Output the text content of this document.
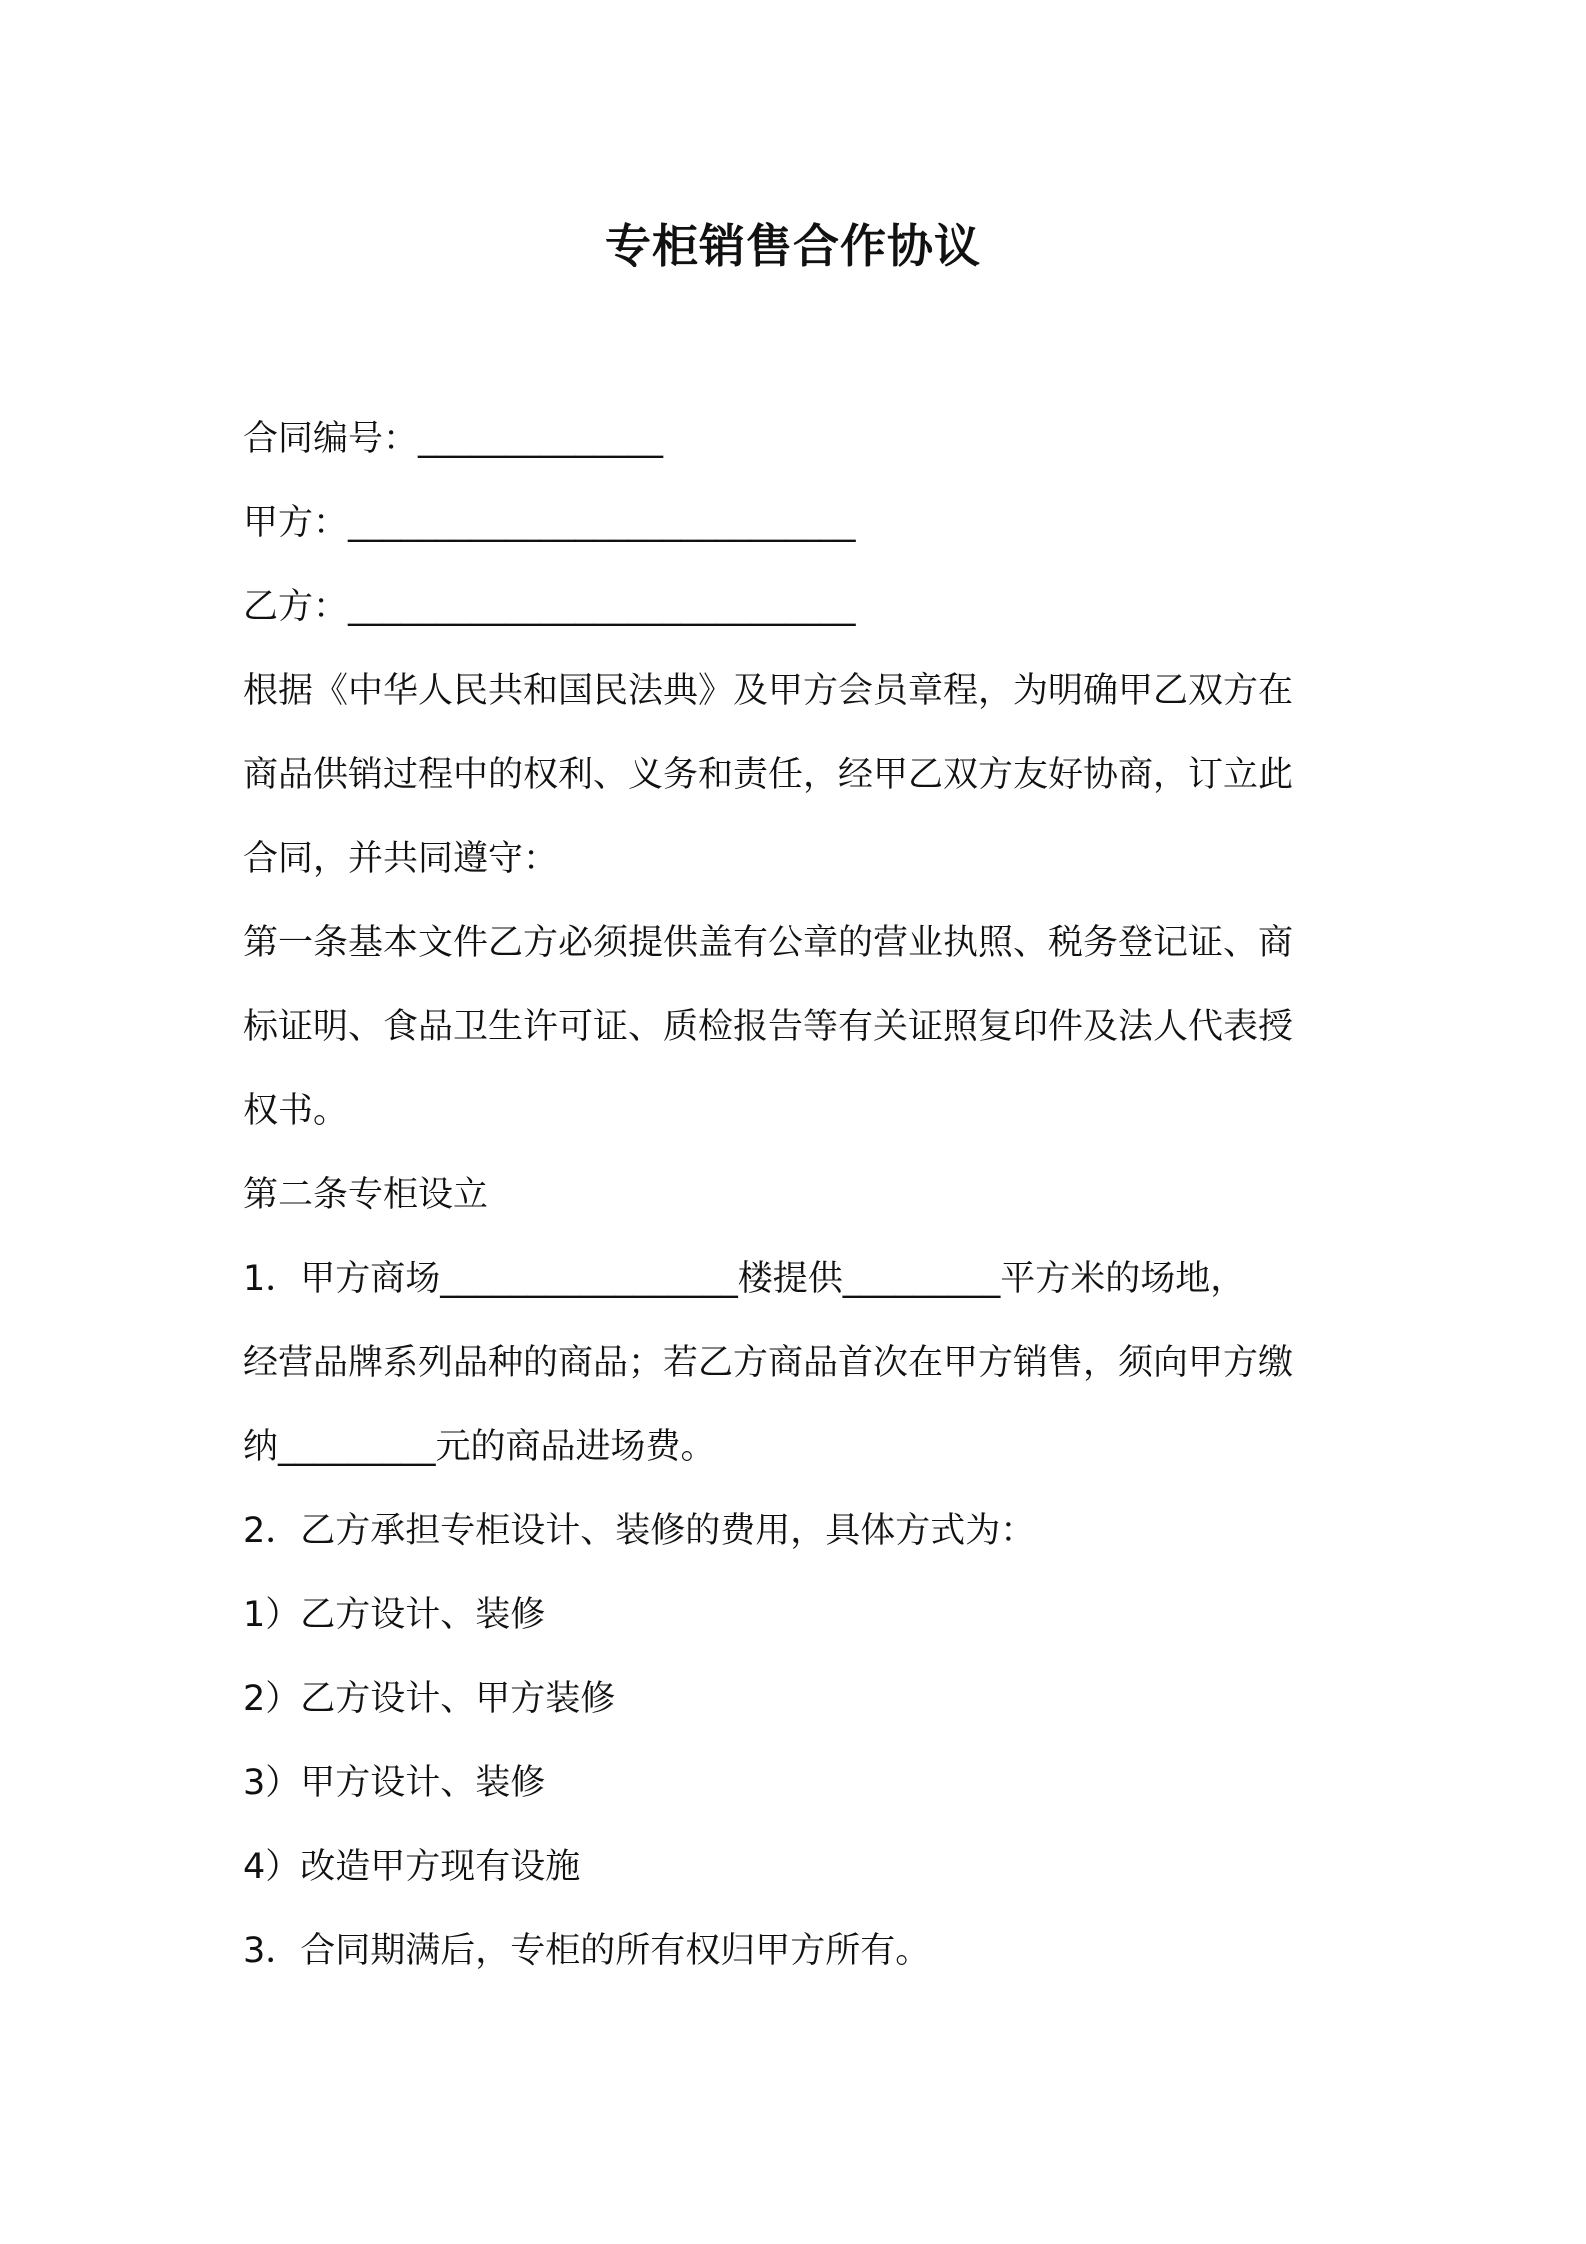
专柜销售合作协议
合同编号：______________
甲方：_____________________________
乙方：_____________________________
根据《中华人民共和国民法典》及甲方会员章程，为明确甲乙双方在
商品供销过程中的权利、义务和责任，经甲乙双方友好协商，订立此
合同，并共同遵守：
第一条基本文件乙方必须提供盖有公章的营业执照、税务登记证、商
标证明、食品卫生许可证、质检报告等有关证照复印件及法人代表授
权书。
第二条专柜设立
1．甲方商场_________________楼提供_________平方米的场地，
经营品牌系列品种的商品；若乙方商品首次在甲方销售，须向甲方缴
纳_________元的商品进场费。
2．乙方承担专柜设计、装修的费用，具体方式为：
1）乙方设计、装修
2）乙方设计、甲方装修
3）甲方设计、装修
4）改造甲方现有设施
3．合同期满后，专柜的所有权归甲方所有。
